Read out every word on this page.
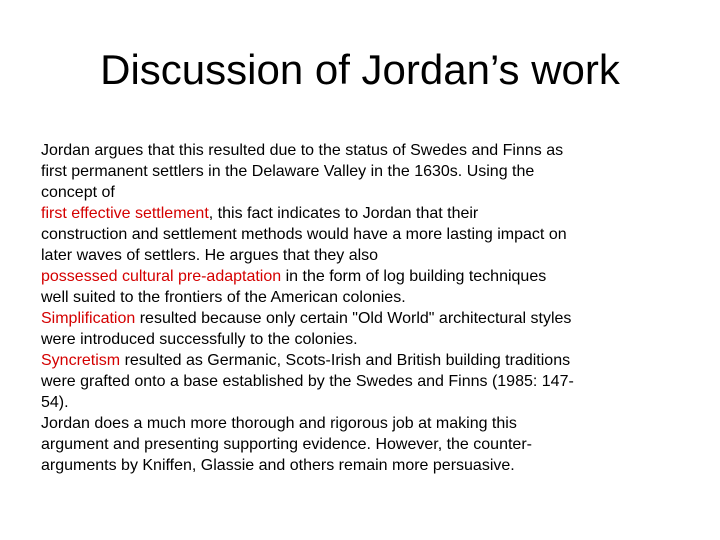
Discussion of Jordan’s work
Jordan argues that this resulted due to the status of Swedes and Finns as
first permanent settlers in the Delaware Valley in the 1630s. Using the
concept of
first effective settlement, this fact indicates to Jordan that their
construction and settlement methods would have a more lasting impact on
later waves of settlers. He argues that they also
possessed cultural pre-adaptation in the form of log building techniques
well suited to the frontiers of the American colonies.
Simplification resulted because only certain "Old World" architectural styles
were introduced successfully to the colonies.
Syncretism resulted as Germanic, Scots-Irish and British building traditions
were grafted onto a base established by the Swedes and Finns (1985: 147-
54).
Jordan does a much more thorough and rigorous job at making this
argument and presenting supporting evidence. However, the counter-
arguments by Kniffen, Glassie and others remain more persuasive.
